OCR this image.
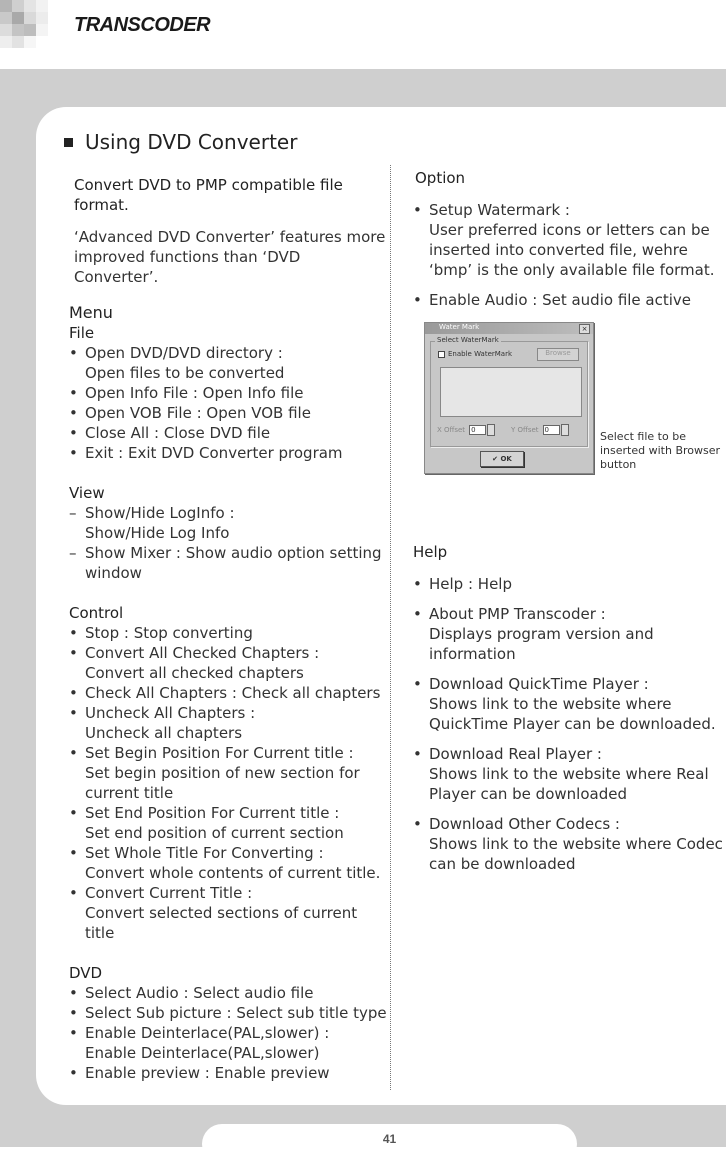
TRANSCODER
Using DVD Converter
Convert DVD to PMP compatible file format.
‘Advanced DVD Converter’ features more improved functions than ‘DVD Converter’.
Menu
File
• Open DVD/DVD directory :
Open files to be converted
• Open Info File : Open Info file
• Open VOB File : Open VOB file
• Close All : Close DVD file
• Exit : Exit DVD Converter program
View
– Show/Hide LogInfo :
Show/Hide Log Info
– Show Mixer : Show audio option setting window
Control
• Stop : Stop converting
• Convert All Checked Chapters :
Convert all checked chapters
• Check All Chapters : Check all chapters
• Uncheck All Chapters :
Uncheck all chapters
• Set Begin Position For Current title :
Set begin position of new section for current title
• Set End Position For Current title :
Set end position of current section
• Set Whole Title For Converting :
Convert whole contents of current title.
• Convert Current Title :
Convert selected sections of current title
DVD
• Select Audio : Select audio file
• Select Sub picture : Select sub title type
• Enable Deinterlace(PAL,slower) :
Enable Deinterlace(PAL,slower)
• Enable preview : Enable preview
Option
• Setup Watermark :
User preferred icons or letters can be inserted into converted file, wehre ‘bmp’ is the only available file format.
• Enable Audio : Set audio file active
Water Mark	×
Select WaterMark
Enable WaterMark	Browse
X Offset 0	Y Offset 0
✔ OK
Select file to be inserted with Browser button
Help
• Help : Help
• About PMP Transcoder :
Displays program version and information
• Download QuickTime Player :
Shows link to the website where QuickTime Player can be downloaded.
• Download Real Player :
Shows link to the website where Real Player can be downloaded
• Download Other Codecs :
Shows link to the website where Codec can be downloaded
41
